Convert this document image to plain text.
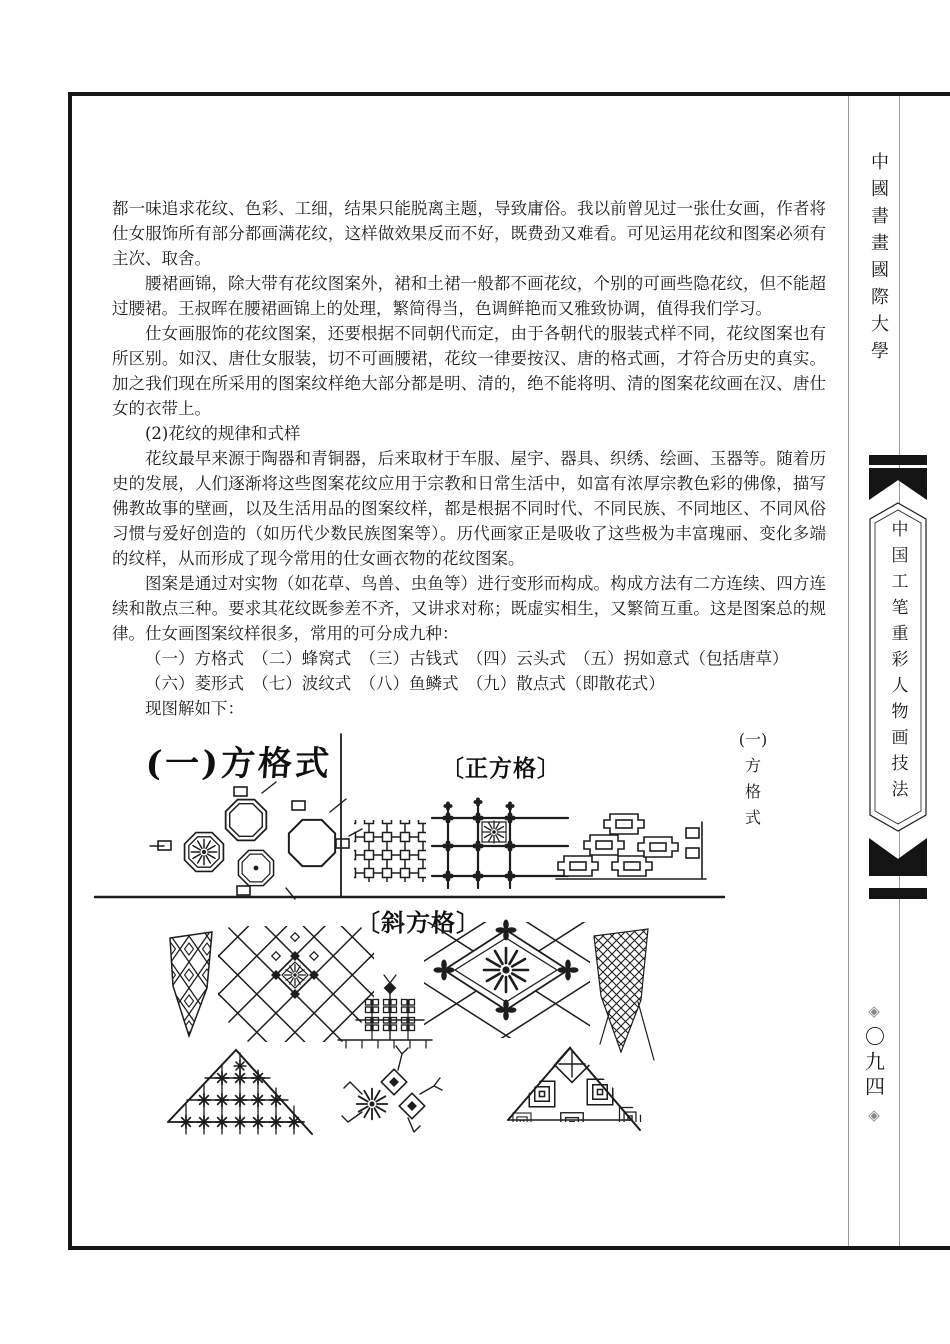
都一味追求花纹、色彩、工细，结果只能脱离主题，导致庸俗。我以前曾见过一张仕女画，作者将仕女服饰所有部分都画满花纹，这样做效果反而不好，既费劲又难看。可见运用花纹和图案必须有主次、取舍。

腰裙画锦，除大带有花纹图案外，裙和土裙一般都不画花纹，个别的可画些隐花纹，但不能超过腰裙。王叔晖在腰裙画锦上的处理，繁简得当，色调鲜艳而又雅致协调，值得我们学习。

仕女画服饰的花纹图案，还要根据不同朝代而定，由于各朝代的服装式样不同，花纹图案也有所区别。如汉、唐仕女服装，切不可画腰裙，花纹一律要按汉、唐的格式画，才符合历史的真实。加之我们现在所采用的图案纹样绝大部分都是明、清的，绝不能将明、清的图案花纹画在汉、唐仕女的衣带上。

(2)花纹的规律和式样

花纹最早来源于陶器和青铜器，后来取材于车服、屋宇、器具、织绣、绘画、玉器等。随着历史的发展，人们逐渐将这些图案花纹应用于宗教和日常生活中，如富有浓厚宗教色彩的佛像，描写佛教故事的壁画，以及生活用品的图案纹样，都是根据不同时代、不同民族、不同地区、不同风俗习惯与爱好创造的（如历代少数民族图案等）。历代画家正是吸收了这些极为丰富瑰丽、变化多端的纹样，从而形成了现今常用的仕女画衣物的花纹图案。

图案是通过对实物（如花草、鸟兽、虫鱼等）进行变形而构成。构成方法有二方连续、四方连续和散点三种。要求其花纹既参差不齐，又讲求对称；既虚实相生，又繁简互重。这是图案总的规律。仕女画图案纹样很多，常用的可分成九种：

（一）方格式　（二）蜂窝式　（三）古钱式　（四）云头式　（五）拐如意式（包括唐草）

（六）菱形式　（七）波纹式　（八）鱼鳞式　（九）散点式（即散花式）

现图解如下：

(一)方格式	〔正方格〕
〔斜方格〕
(一)
方
格
式
中國書畫國際大學
中国工笔重彩人物画技法
◈
〇九四
◈
